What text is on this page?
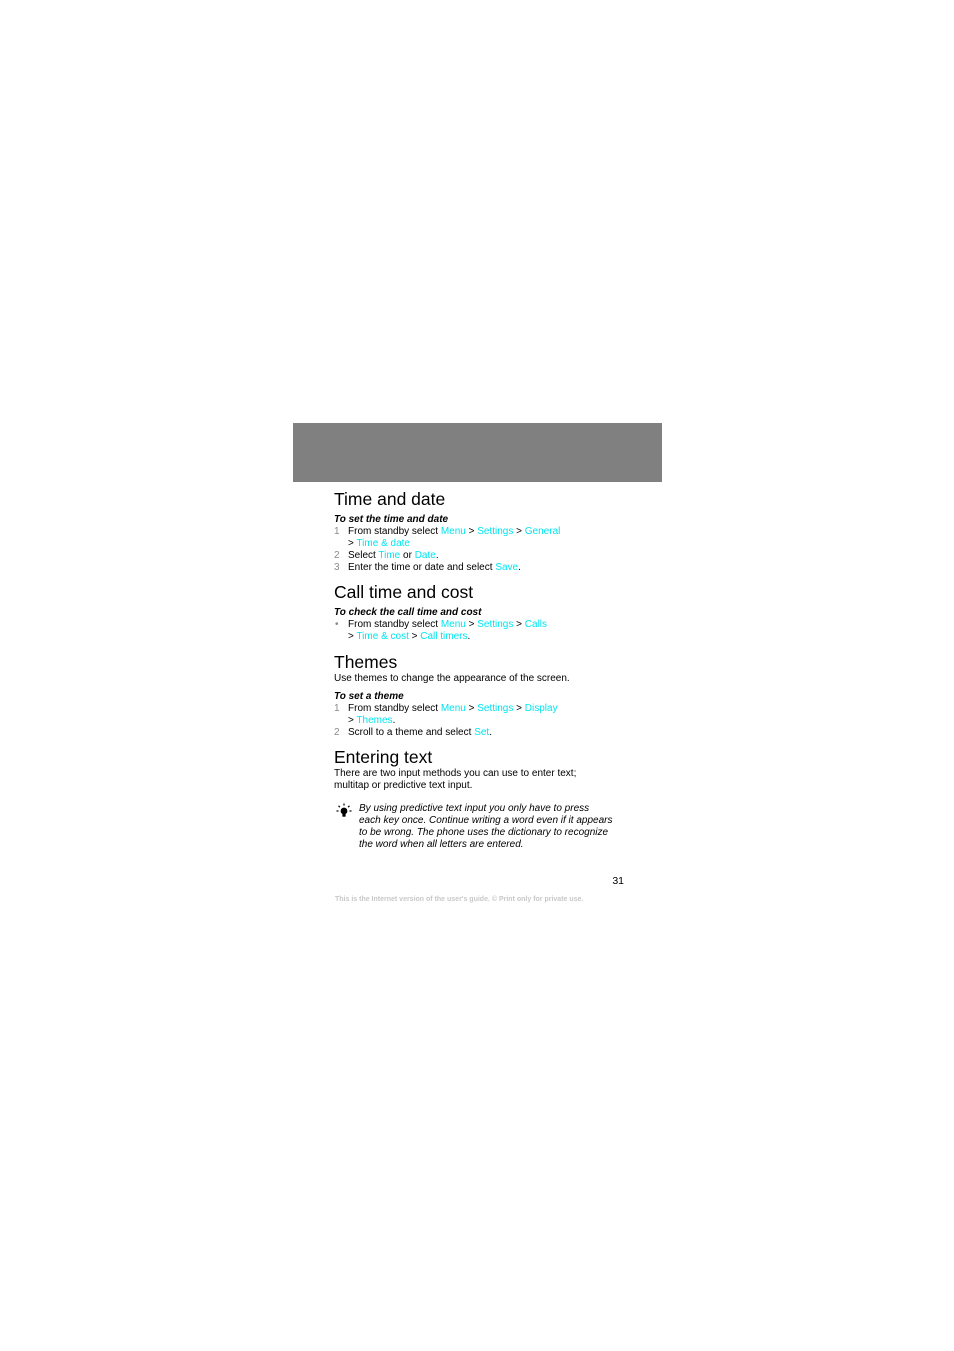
Time and date

To set the time and date

1 From standby select Menu > Settings > General
> Time & date
2 Select Time or Date.
3 Enter the time or date and select Save.
Call time and cost

To check the call time and cost

• From standby select Menu > Settings > Calls
> Time & cost > Call timers.
Themes

Use themes to change the appearance of the screen.

To set a theme

1 From standby select Menu > Settings > Display
> Themes.
2 Scroll to a theme and select Set.
Entering text

There are two input methods you can use to enter text;

multitap or predictive text input.

By using predictive text input you only have to press
each key once. Continue writing a word even if it appears
to be wrong. The phone uses the dictionary to recognize
the word when all letters are entered.
31
This is the Internet version of the user's guide. © Print only for private use.
